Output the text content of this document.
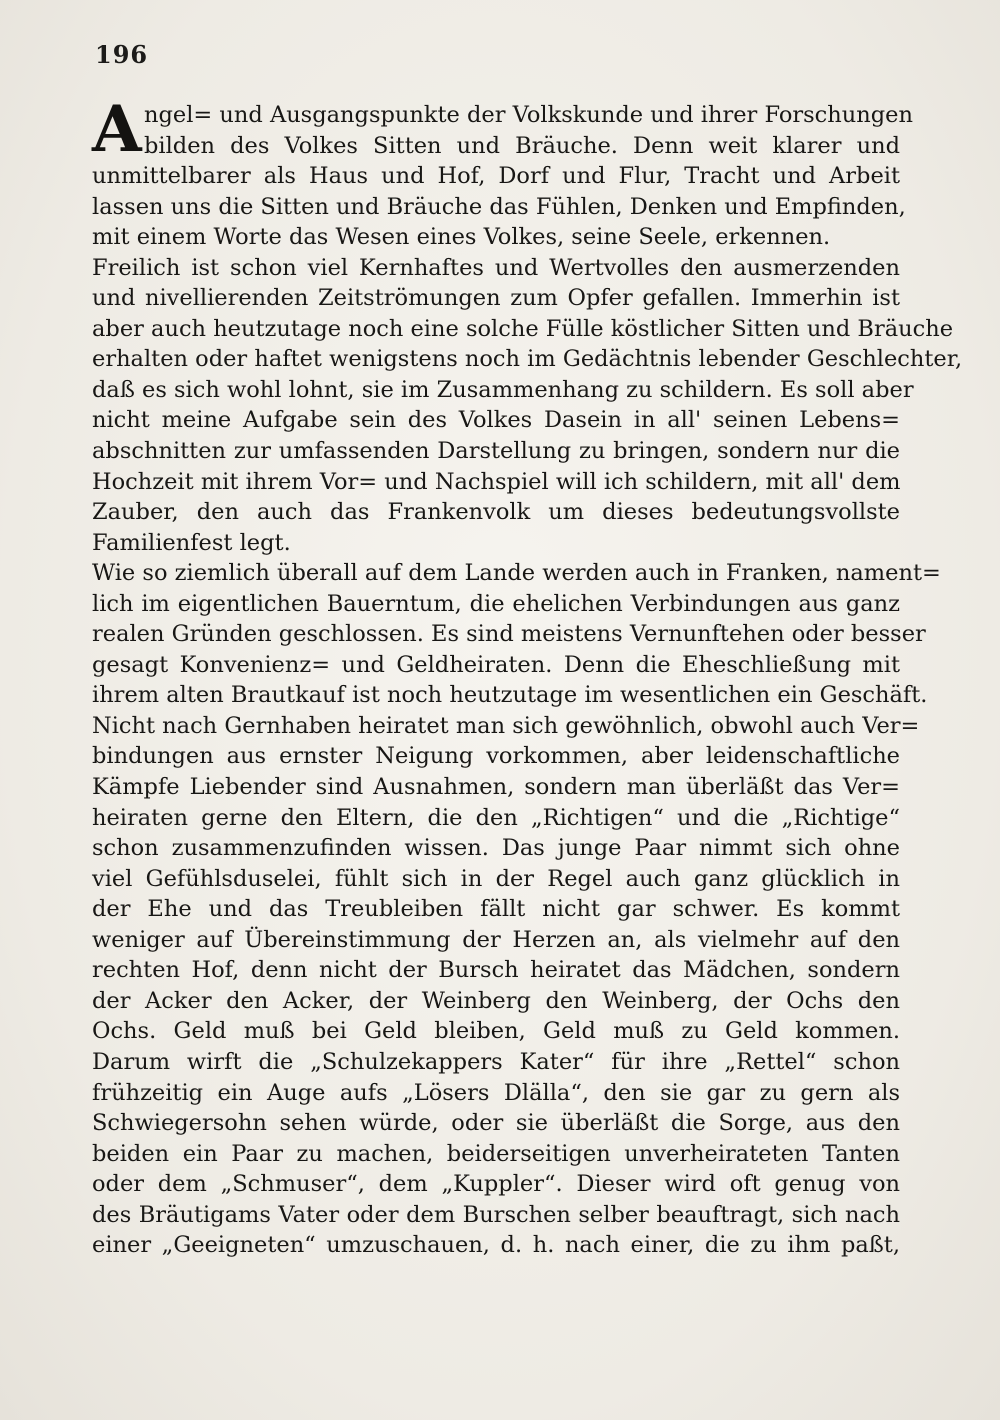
196
A ngel= und Ausgangspunkte der Volkskunde und ihrer Forschungen
bilden des Volkes Sitten und Bräuche. Denn weit klarer und
unmittelbarer als Haus und Hof, Dorf und Flur, Tracht und Arbeit
lassen uns die Sitten und Bräuche das Fühlen, Denken und Empfinden,
mit einem Worte das Wesen eines Volkes, seine Seele, erkennen.
Freilich ist schon viel Kernhaftes und Wertvolles den ausmerzenden
und nivellierenden Zeitströmungen zum Opfer gefallen. Immerhin ist
aber auch heutzutage noch eine solche Fülle köstlicher Sitten und Bräuche
erhalten oder haftet wenigstens noch im Gedächtnis lebender Geschlechter,
daß es sich wohl lohnt, sie im Zusammenhang zu schildern. Es soll aber
nicht meine Aufgabe sein des Volkes Dasein in all' seinen Lebens=
abschnitten zur umfassenden Darstellung zu bringen, sondern nur die
Hochzeit mit ihrem Vor= und Nachspiel will ich schildern, mit all' dem
Zauber, den auch das Frankenvolk um dieses bedeutungsvollste
Familienfest legt.
Wie so ziemlich überall auf dem Lande werden auch in Franken, nament=
lich im eigentlichen Bauerntum, die ehelichen Verbindungen aus ganz
realen Gründen geschlossen. Es sind meistens Vernunftehen oder besser
gesagt Konvenienz= und Geldheiraten. Denn die Eheschließung mit
ihrem alten Brautkauf ist noch heutzutage im wesentlichen ein Geschäft.
Nicht nach Gernhaben heiratet man sich gewöhnlich, obwohl auch Ver=
bindungen aus ernster Neigung vorkommen, aber leidenschaftliche
Kämpfe Liebender sind Ausnahmen, sondern man überläßt das Ver=
heiraten gerne den Eltern, die den „Richtigen“ und die „Richtige“
schon zusammenzufinden wissen. Das junge Paar nimmt sich ohne
viel Gefühlsduselei, fühlt sich in der Regel auch ganz glücklich in
der Ehe und das Treubleiben fällt nicht gar schwer. Es kommt
weniger auf Übereinstimmung der Herzen an, als vielmehr auf den
rechten Hof, denn nicht der Bursch heiratet das Mädchen, sondern
der Acker den Acker, der Weinberg den Weinberg, der Ochs den
Ochs. Geld muß bei Geld bleiben, Geld muß zu Geld kommen.
Darum wirft die „Schulzekappers Kater“ für ihre „Rettel“ schon
frühzeitig ein Auge aufs „Lösers Dlälla“, den sie gar zu gern als
Schwiegersohn sehen würde, oder sie überläßt die Sorge, aus den
beiden ein Paar zu machen, beiderseitigen unverheirateten Tanten
oder dem „Schmuser“, dem „Kuppler“. Dieser wird oft genug von
des Bräutigams Vater oder dem Burschen selber beauftragt, sich nach
einer „Geeigneten“ umzuschauen, d. h. nach einer, die zu ihm paßt,
